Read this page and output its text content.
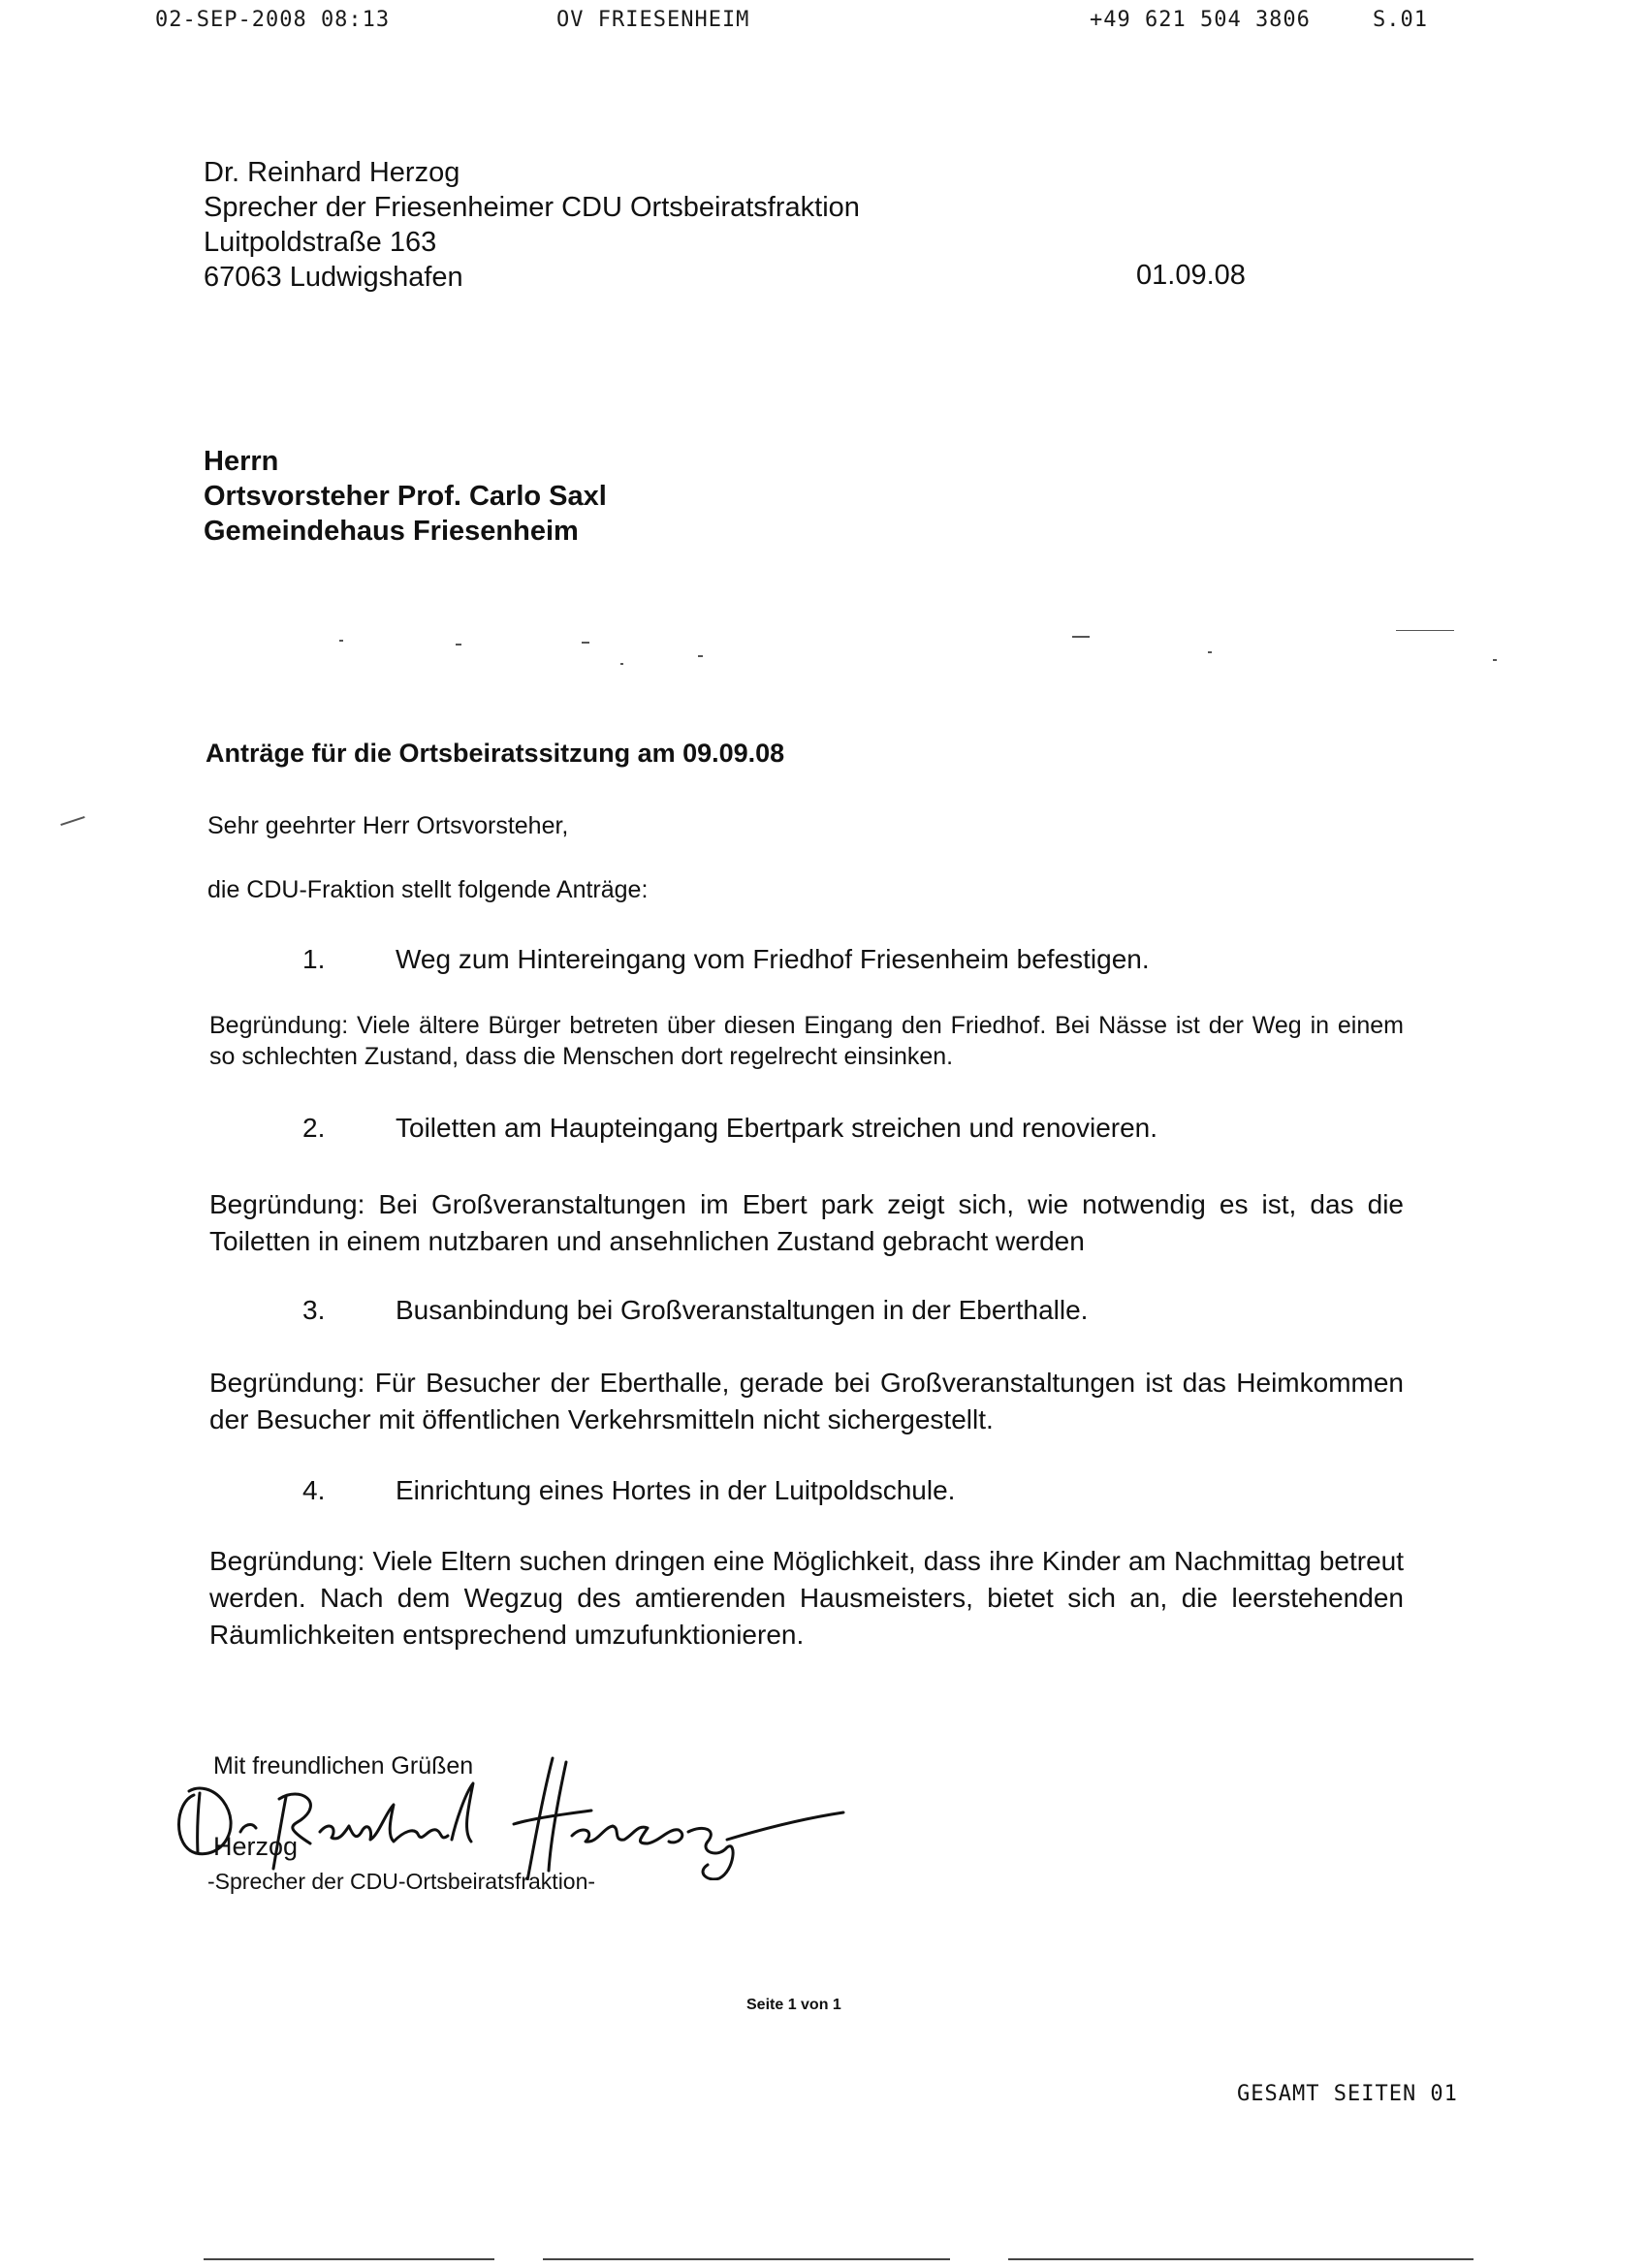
02-SEP-2008 08:13	OV FRIESENHEIM	+49 621 504 3806	S.01
Dr. Reinhard Herzog
Sprecher der Friesenheimer CDU Ortsbeiratsfraktion
Luitpoldstraße 163
67063 Ludwigshafen	01.09.08
Herrn
Ortsvorsteher Prof. Carlo Saxl
Gemeindehaus Friesenheim
Anträge für die Ortsbeiratssitzung am 09.09.08
Sehr geehrter Herr Ortsvorsteher,
die CDU-Fraktion stellt folgende Anträge:
1.	Weg zum Hintereingang vom Friedhof Friesenheim befestigen.
Begründung: Viele ältere Bürger betreten über diesen Eingang den Friedhof. Bei Nässe ist der Weg in einem so schlechten Zustand, dass die Menschen dort regelrecht einsinken.
2.	Toiletten am Haupteingang Ebertpark streichen und renovieren.
Begründung: Bei Großveranstaltungen im Ebert park zeigt sich, wie notwendig es ist, das die Toiletten in einem nutzbaren und ansehnlichen Zustand gebracht werden
3.	Busanbindung bei Großveranstaltungen in der Eberthalle.
Begründung: Für Besucher der Eberthalle, gerade bei Großveranstaltungen ist das Heimkommen der Besucher mit öffentlichen Verkehrsmitteln nicht sichergestellt.
4.	Einrichtung eines Hortes in der Luitpoldschule.
Begründung: Viele Eltern suchen dringen eine Möglichkeit, dass ihre Kinder am Nachmittag betreut werden. Nach dem Wegzug des amtierenden Hausmeisters, bietet sich an, die leerstehenden Räumlichkeiten entsprechend umzufunktionieren.
Mit freundlichen Grüßen
Herzog
-Sprecher der CDU-Ortsbeiratsfraktion-
Seite 1 von 1
GESAMT SEITEN 01
